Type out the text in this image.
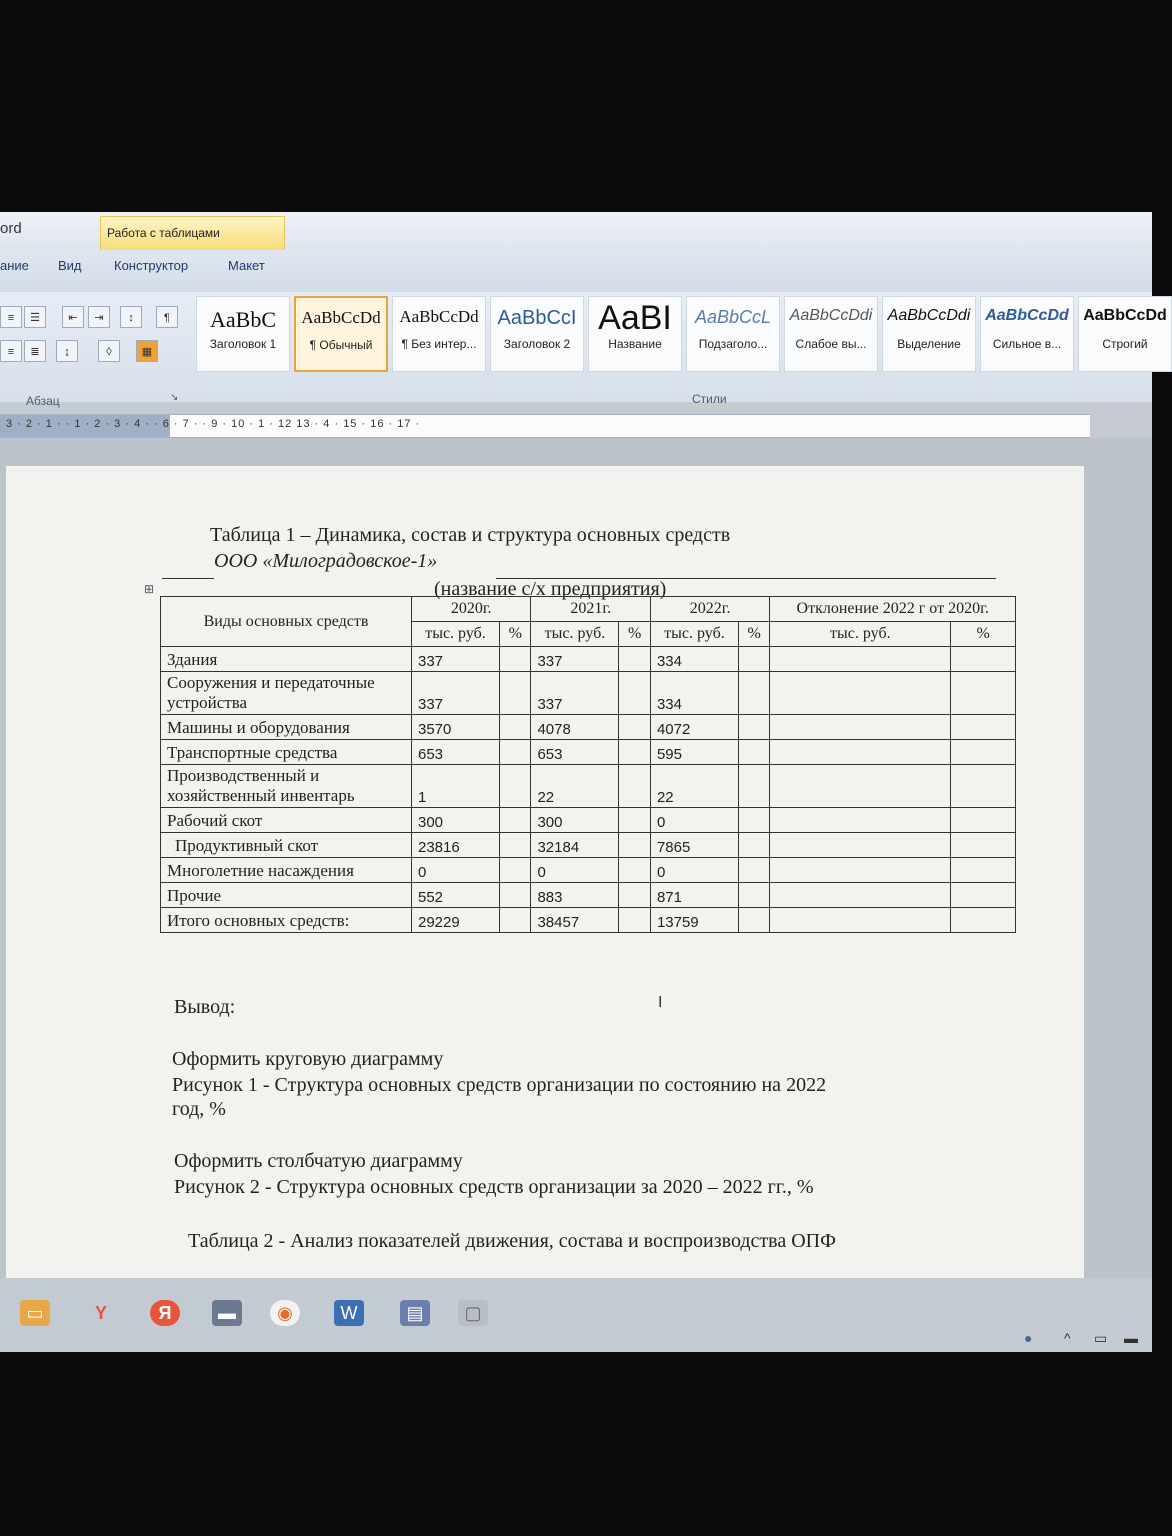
ord	Работа с таблицами
ание Вид Конструктор	Макет
≡	☰	⇤	⇥	↕	¶
≡	≣	↨	◊	▦
Абзац	↘
AaBbC
Заголовок 1
AaBbCcDd
¶ Обычный
AaBbCcDd
¶ Без интер...
AaBbCcI
Заголовок 2
AaBI
Название
AaBbCcL
Подзаголо...
AaBbCcDdi
Слабое вы...
AaBbCcDdi
Выделение
AaBbCcDd
Сильное в...
AaBbCcDd
Строгий
Стили
3 · 2 · 1 · · 1 · 2 · 3 · 4 · · 6 · 7 · · 9 · 10 · 1 · 12 13 · 4 · 15 · 16 · 17 ·
Таблица 1 – Динамика, состав и структура основных средств
ООО «Милоградовское-1»
(название с/х предприятия)
⊞
Виды основных средств	2020г.		2021г.		2022г.		Отклонение 2022 г от 2020г.	
	тыс. руб.	%	тыс. руб.	%	тыс. руб.	%	тыс. руб.	%
Здания	337		337		334			
Сооружения и передаточные устройства	337		337		334			
Машины и оборудования	3570		4078		4072			
Транспортные средства	653		653		595			
Производственный и хозяйственный инвентарь	1		22		22			
Рабочий скот	300		300		0			
Продуктивный скот	23816		32184		7865			
Многолетние насаждения	0		0		0			
Прочие	552		883		871			
Итого основных средств:	29229		38457		13759			
I
Вывод:
Оформить круговую диаграмму
Рисунок 1 - Структура основных средств организации по состоянию на 2022
год, %
Оформить столбчатую диаграмму
Рисунок 2 - Структура основных средств организации за 2020 – 2022 гг., %
Таблица 2 - Анализ показателей движения, состава и воспроизводства ОПФ
▭	Y	Я	▬	◉	W	▤	▢
● ^ ▭ ▬
